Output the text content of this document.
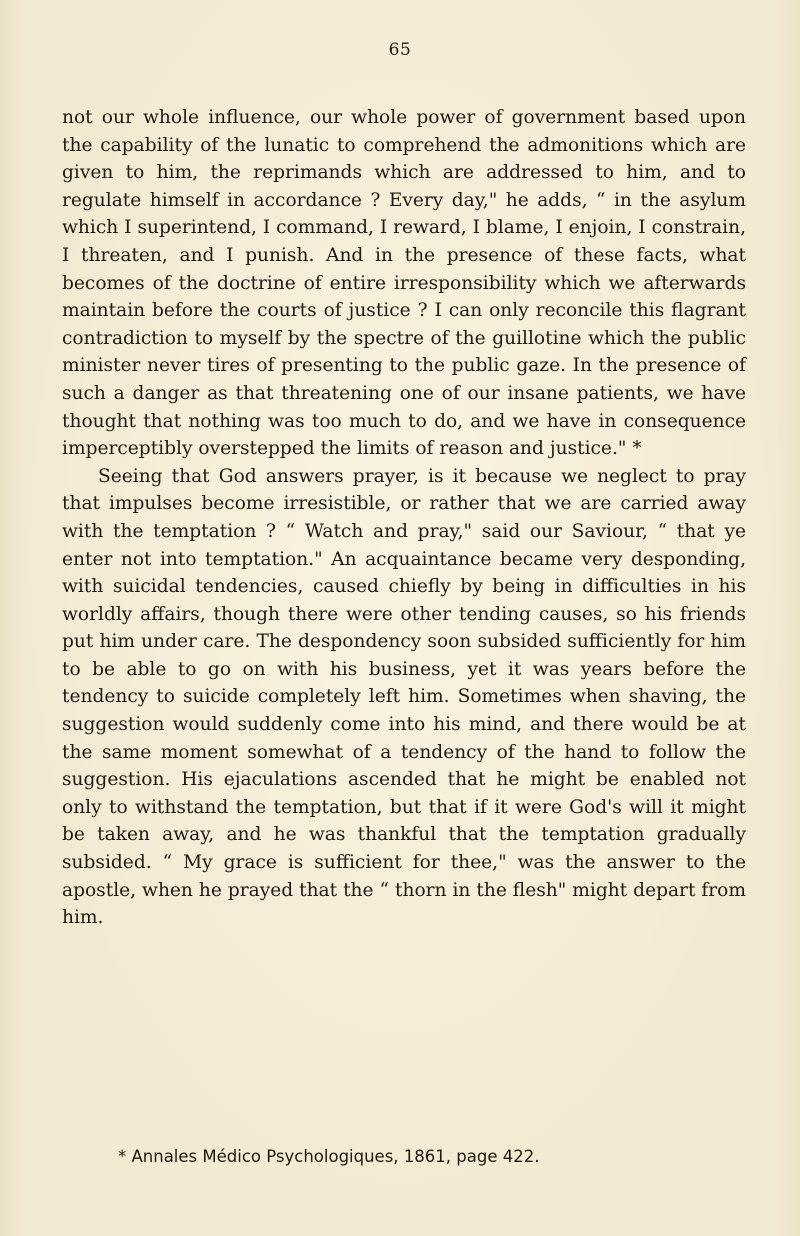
65

not our whole influence, our whole power of government based upon the capability of the lunatic to comprehend the admonitions which are given to him, the reprimands which are addressed to him, and to regulate himself in accordance ? Every day," he adds, “ in the asylum which I superintend, I command, I reward, I blame, I enjoin, I constrain, I threaten, and I punish. And in the presence of these facts, what becomes of the doctrine of entire irresponsibility which we afterwards maintain before the courts of justice ? I can only reconcile this flagrant contradiction to myself by the spectre of the guillotine which the public minister never tires of presenting to the public gaze. In the presence of such a danger as that threatening one of our insane patients, we have thought that nothing was too much to do, and we have in consequence imperceptibly overstepped the limits of reason and justice." *

Seeing that God answers prayer, is it because we neglect to pray that impulses become irresistible, or rather that we are carried away with the temptation ? “ Watch and pray," said our Saviour, “ that ye enter not into temptation." An acquaintance became very desponding, with suicidal tendencies, caused chiefly by being in difficulties in his worldly affairs, though there were other tending causes, so his friends put him under care. The despondency soon subsided sufficiently for him to be able to go on with his business, yet it was years before the tendency to suicide completely left him. Sometimes when shaving, the suggestion would suddenly come into his mind, and there would be at the same moment somewhat of a tendency of the hand to follow the suggestion. His ejaculations ascended that he might be enabled not only to withstand the temptation, but that if it were God's will it might be taken away, and he was thankful that the temptation gradually subsided. “ My grace is sufficient for thee," was the answer to the apostle, when he prayed that the “ thorn in the flesh" might depart from him.

* Annales Médico Psychologiques, 1861, page 422.
